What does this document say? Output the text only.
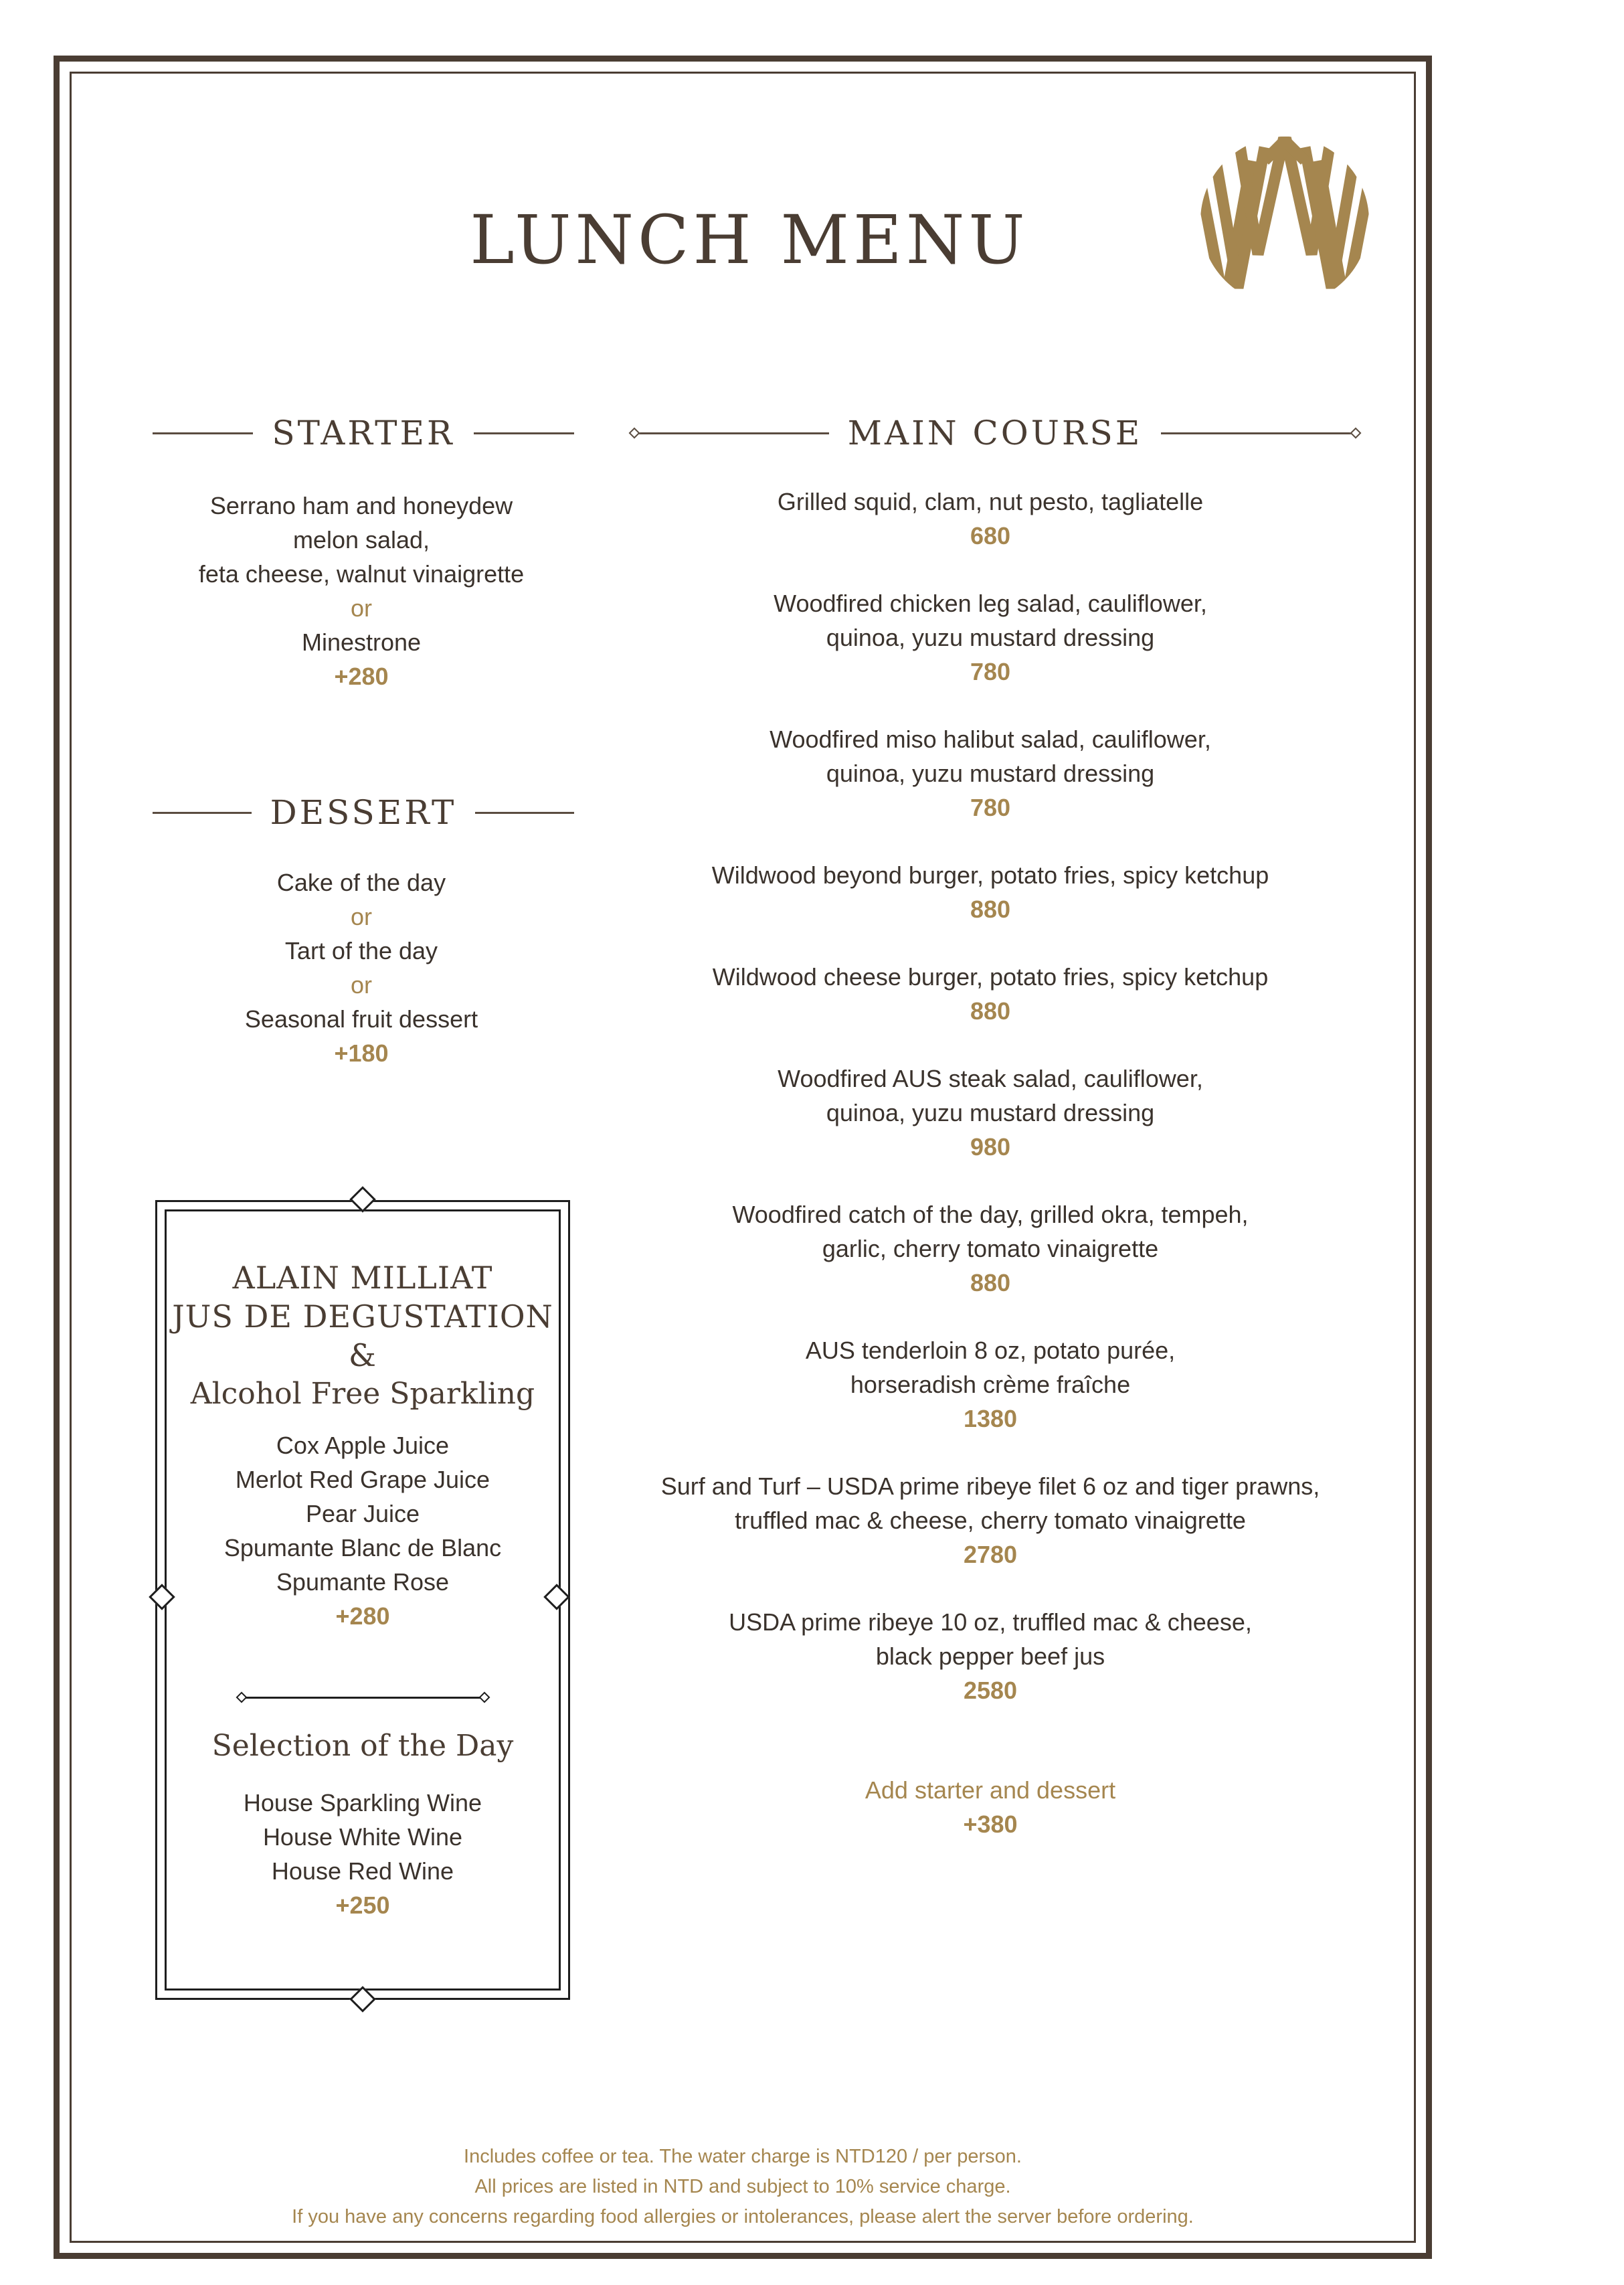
LUNCH MENU
STARTER	MAIN COURSE
Serrano ham and honeydew
melon salad,
feta cheese, walnut vinaigrette
or
Minestrone
+280
DESSERT
Cake of the day
or
Tart of the day
or
Seasonal fruit dessert
+180
ALAIN MILLIAT
JUS DE DEGUSTATION
&
Alcohol Free Sparkling
Cox Apple Juice
Merlot Red Grape Juice
Pear Juice
Spumante Blanc de Blanc
Spumante Rose
+280
Selection of the Day
House Sparkling Wine
House White Wine
House Red Wine
+250
Grilled squid, clam, nut pesto, tagliatelle
680
Woodfired chicken leg salad, cauliflower,
quinoa, yuzu mustard dressing
780
Woodfired miso halibut salad, cauliflower,
quinoa, yuzu mustard dressing
780
Wildwood beyond burger, potato fries, spicy ketchup
880
Wildwood cheese burger, potato fries, spicy ketchup
880
Woodfired AUS steak salad, cauliflower,
quinoa, yuzu mustard dressing
980
Woodfired catch of the day, grilled okra, tempeh,
garlic, cherry tomato vinaigrette
880
AUS tenderloin 8 oz, potato purée,
horseradish crème fraîche
1380
Surf and Turf – USDA prime ribeye filet 6 oz and tiger prawns,
truffled mac & cheese, cherry tomato vinaigrette
2780
USDA prime ribeye 10 oz, truffled mac & cheese,
black pepper beef jus
2580
Add starter and dessert
+380
Includes coffee or tea. The water charge is NTD120 / per person.
All prices are listed in NTD and subject to 10% service charge.
If you have any concerns regarding food allergies or intolerances, please alert the server before ordering.
